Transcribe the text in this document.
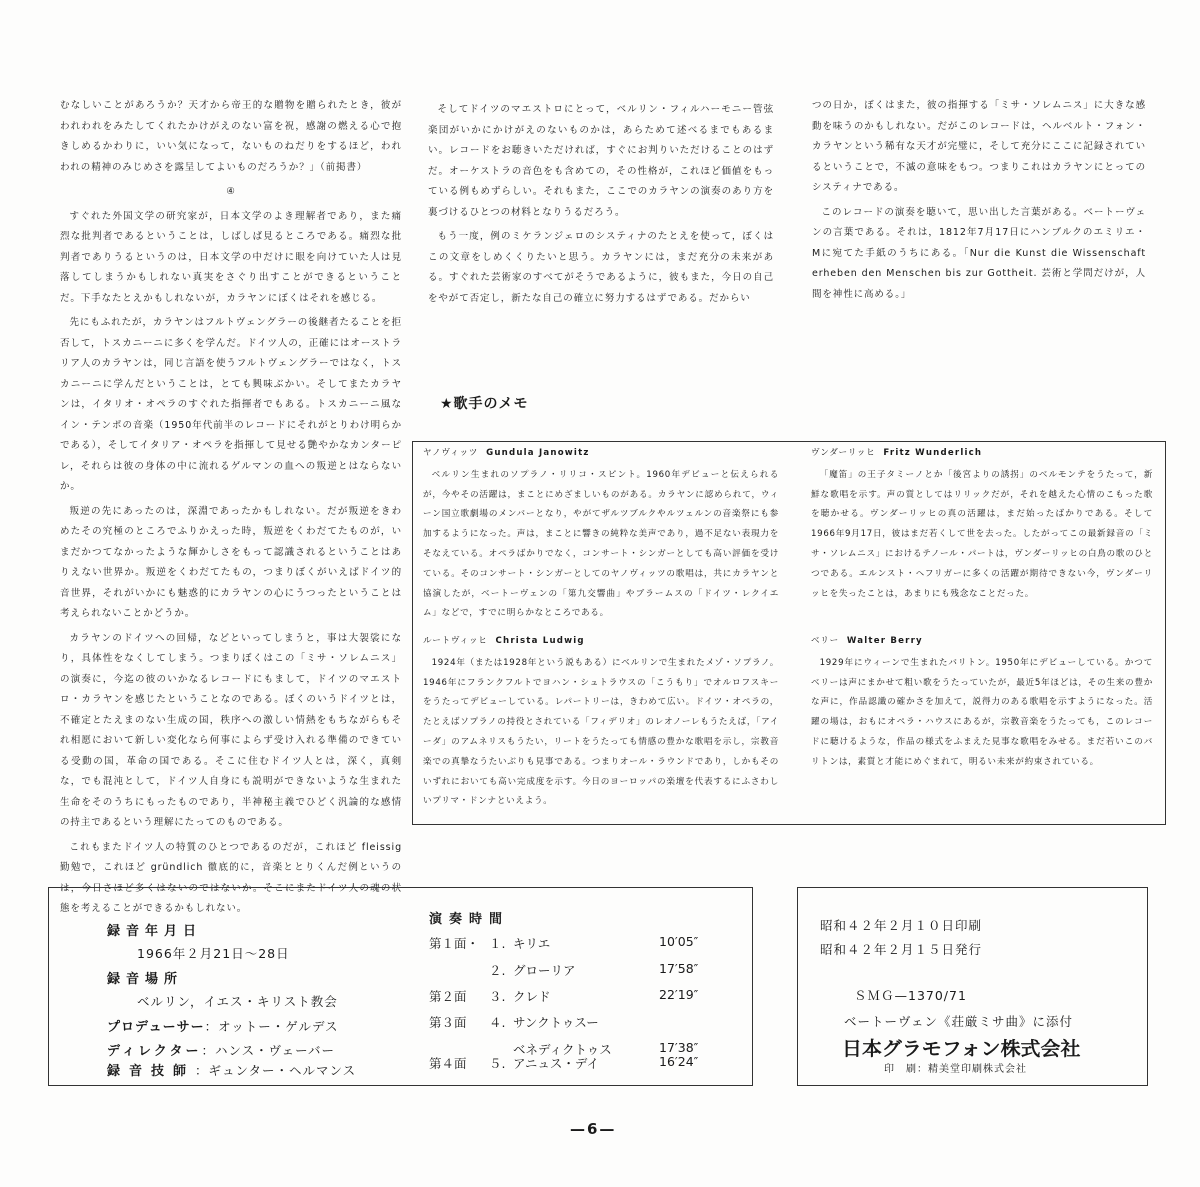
むなしいことがあろうか？天才から帝王的な贈物を贈られたとき，彼がわれわれをみたしてくれたかけがえのない富を祝，感謝の燃える心で抱きしめるかわりに，いい気になって，ないものねだりをするほど，われわれの精神のみじめさを露呈してよいものだろうか？」（前掲書）

④

すぐれた外国文学の研究家が，日本文学のよき理解者であり，また痛烈な批判者であるということは，しばしば見るところである。痛烈な批判者でありうるというのは，日本文学の中だけに眼を向けていた人は見落してしまうかもしれない真実をさぐり出すことができるということだ。下手なたとえかもしれないが，カラヤンにぼくはそれを感じる。

先にもふれたが，カラヤンはフルトヴェングラーの後継者たることを拒否して，トスカニーニに多くを学んだ。ドイツ人の，正確にはオーストラリア人のカラヤンは，同じ言語を使うフルトヴェングラーではなく，トスカニーニに学んだということは，とても興味ぶかい。そしてまたカラヤンは，イタリオ・オペラのすぐれた指揮者でもある。トスカニーニ風なイン・テンポの音楽（1950年代前半のレコードにそれがとりわけ明らかである），そしてイタリア・オペラを指揮して見せる艶やかなカンターピレ，それらは彼の身体の中に流れるゲルマンの血への叛逆とはならないか。

叛逆の先にあったのは，深淵であったかもしれない。だが叛逆をきわめたその究極のところでふりかえった時，叛逆をくわだてたものが，いまだかつてなかったような輝かしさをもって認識されるということはありえない世界か。叛逆をくわだてたもの，つまりぼくがいえばドイツ的音世界，それがいかにも魅惑的にカラヤンの心にうつったということは考えられないことかどうか。

カラヤンのドイツへの回帰，などといってしまうと，事は大袈裟になり，具体性をなくしてしまう。つまりぼくはこの「ミサ・ソレムニス」の演奏に，今迄の彼のいかなるレコードにもまして，ドイツのマエストロ・カラヤンを感じたということなのである。ぼくのいうドイツとは，不確定とたえまのない生成の国，秩序への激しい情熱をもちながらもそれ相愿において新しい変化なら何事によらず受け入れる準備のできている受動の国，革命の国である。そこに住むドイツ人とは，深く，真剣な，でも混沌として，ドイツ人自身にも説明ができないような生まれた生命をそのうちにもったものであり，半神秘主義でひどく汎論的な感情の持主であるという理解にたってのものである。

これもまたドイツ人の特質のひとつであるのだが，これほど fleissig 勤勉で，これほど gründlich 徹底的に，音楽ととりくんだ例というのは，今日さほど多くはないのではないか。そこにまたドイツ人の魂の状態を考えることができるかもしれない。

そしてドイツのマエストロにとって，ベルリン・フィルハーモニー管弦楽団がいかにかけがえのないものかは，あらためて述べるまでもあるまい。レコードをお聴きいただければ，すぐにお判りいただけることのはずだ。オーケストラの音色をも含めての，その性格が，これほど価値をもっている例もめずらしい。それもまた，ここでのカラヤンの演奏のあり方を裏づけるひとつの材料となりうるだろう。

もう一度，例のミケランジェロのシスティナのたとえを使って，ぼくはこの文章をしめくくりたいと思う。カラヤンには，まだ充分の未来がある。すぐれた芸術家のすべてがそうであるように，彼もまた，今日の自己をやがて否定し，新たな自己の確立に努力するはずである。だからい

つの日か，ぼくはまた，彼の指揮する「ミサ・ソレムニス」に大きな感動を味うのかもしれない。だがこのレコードは，ヘルベルト・フォン・カラヤンという稀有な天才が完璧に，そして充分にここに記録されているということで，不滅の意味をもつ。つまりこれはカラヤンにとってのシスティナである。

このレコードの演奏を聴いて，思い出した言葉がある。ベートーヴェンの言葉である。それは，1812年7月17日にハンブルクのエミリエ・Mに宛てた手紙のうちにある。「Nur die Kunst die Wissenschaft erheben den Menschen bis zur Gottheit. 芸術と学問だけが，人間を神性に高める。」

★歌手のメモ
ヤノヴィッツ Gundula Janowitz

ベルリン生まれのソプラノ・リリコ・スピント。1960年デビューと伝えられるが，今やその活躍は，まことにめざましいものがある。カラヤンに認められて，ウィーン国立歌劇場のメンバーとなり，やがてザルツブルクやルツェルンの音楽祭にも参加するようになった。声は，まことに響きの純粋な美声であり，過不足ない表現力をそなえている。オペラばかりでなく，コンサート・シンガーとしても高い評価を受けている。そのコンサート・シンガーとしてのヤノヴィッツの歌唱は，共にカラヤンと協演したが，ベートーヴェンの「第九交響曲」やブラームスの「ドイツ・レクイエム」などで，すでに明らかなところである。

ルートヴィッヒ Christa Ludwig

1924年（または1928年という説もある）にベルリンで生まれたメゾ・ソプラノ。1946年にフランクフルトでヨハン・シュトラウスの「こうもり」でオルロフスキーをうたってデビューしている。レパートリーは，きわめて広い。ドイツ・オペラの，たとえばソプラノの持役とされている「フィデリオ」のレオノーレもうたえば，「アイーダ」のアムネリスもうたい，リートをうたっても情感の豊かな歌唱を示し，宗教音楽での真摯なうたいぶりも見事である。つまりオール・ラウンドであり，しかもそのいずれにおいても高い完成度を示す。今日のヨーロッパの楽壇を代表するにふさわしいプリマ・ドンナといえよう。

ヴンダーリッヒ Fritz Wunderlich

「魔笛」の王子タミーノとか「後宮よりの誘拐」のベルモンテをうたって，新鮮な歌唱を示す。声の質としてはリリックだが，それを越えた心情のこもった歌を聴かせる。ヴンダーリッヒの真の活躍は，まだ始ったばかりである。そして1966年9月17日，彼はまだ若くして世を去った。したがってこの最新録音の「ミサ・ソレムニス」におけるテノール・パートは，ヴンダーリッヒの白鳥の歌のひとつである。エルンスト・ヘフリガーに多くの活躍が期待できない今，ヴンダーリッヒを失ったことは，あまりにも残念なことだった。

ベリー Walter Berry

1929年にウィーンで生まれたバリトン。1950年にデビューしている。かつてベリーは声にまかせて粗い歌をうたっていたが，最近5年ほどは，その生来の豊かな声に，作品認識の確かさを加えて，説得力のある歌唱を示すようになった。活躍の場は，おもにオペラ・ハウスにあるが，宗教音楽をうたっても，このレコードに聴けるような，作品の様式をふまえた見事な歌唱をみせる。まだ若いこのバリトンは，素質と才能にめぐまれて，明るい未来が約束されている。

録音年月日
1966年２月21日〜28日
録音場所
ベルリン，イエス・キリスト教会
プロデューサー：オットー・ゲルデス
ディレクター：ハンス・ヴェーバー
録音技師：ギュンター・ヘルマンス
演奏時間
第１面・ １. キリエ	10′05″
２. グローリア	17′58″
第２面 ３. クレド	22′19″
第３面 ４. サンクトゥスー
ベネディクトゥス	17′38″
第４面 ５. アニュス・デイ	16′24″
昭和４２年２月１０日印刷
昭和４２年２月１５日発行
ＳＭＧ—1370/71
ベートーヴェン《荘厳ミサ曲》に添付
日本グラモフォン株式会社
印　刷：精美堂印刷株式会社
—6—
